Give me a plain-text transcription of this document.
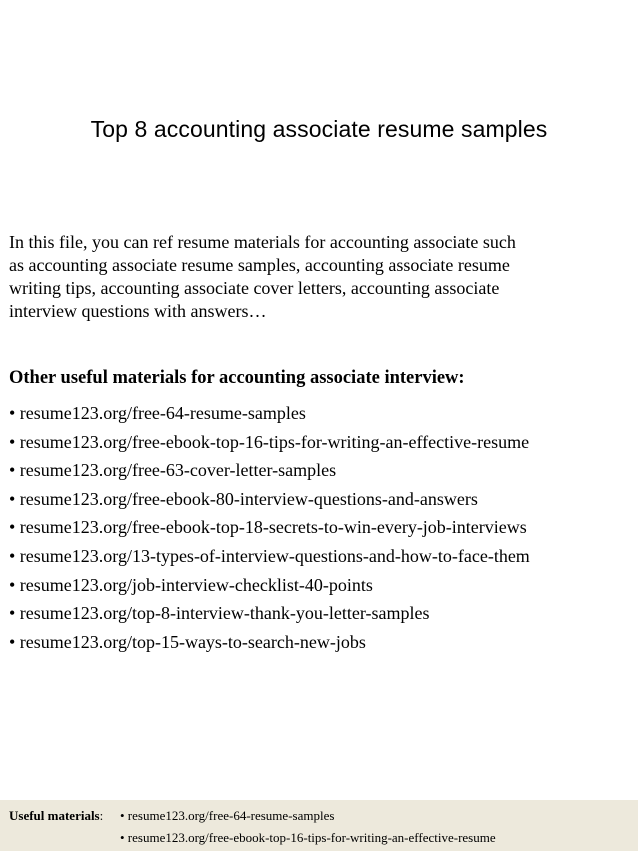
Top 8 accounting associate resume samples

In this file, you can ref resume materials for accounting associate such
as accounting associate resume samples, accounting associate resume
writing tips, accounting associate cover letters, accounting associate
interview questions with answers…

Other useful materials for accounting associate interview:

• resume123.org/free-64-resume-samples
• resume123.org/free-ebook-top-16-tips-for-writing-an-effective-resume
• resume123.org/free-63-cover-letter-samples
• resume123.org/free-ebook-80-interview-questions-and-answers
• resume123.org/free-ebook-top-18-secrets-to-win-every-job-interviews
• resume123.org/13-types-of-interview-questions-and-how-to-face-them
• resume123.org/job-interview-checklist-40-points
• resume123.org/top-8-interview-thank-you-letter-samples
• resume123.org/top-15-ways-to-search-new-jobs
Useful materials: • resume123.org/free-64-resume-samples
• resume123.org/free-ebook-top-16-tips-for-writing-an-effective-resume
